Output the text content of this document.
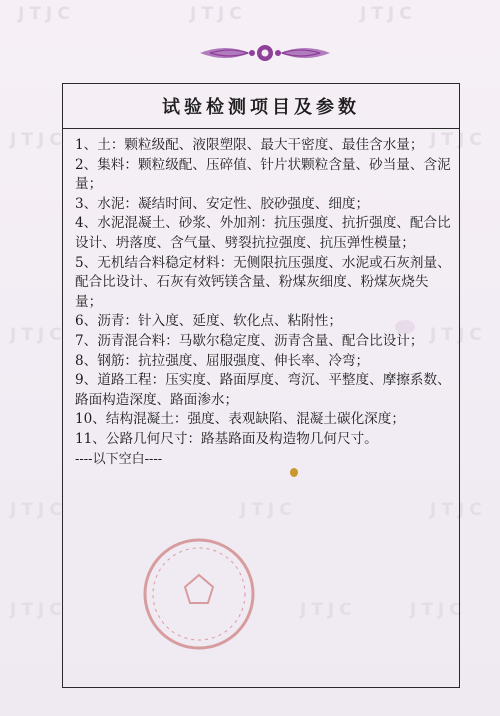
JTJC	JTJC	JTJC
JTJC	JTJC
JTJC	JTJC
JTJC	JTJC	JTJC
JTJC	JTJC	JTJC
试验检测项目及参数

1、土：颗粒级配、液限塑限、最大干密度、最佳含水量；

2、集料：颗粒级配、压碎值、针片状颗粒含量、砂当量、含泥量；

3、水泥：凝结时间、安定性、胶砂强度、细度；

4、水泥混凝土、砂浆、外加剂：抗压强度、抗折强度、配合比设计、坍落度、含气量、劈裂抗拉强度、抗压弹性模量；

5、无机结合料稳定材料：无侧限抗压强度、水泥或石灰剂量、配合比设计、石灰有效钙镁含量、粉煤灰细度、粉煤灰烧失量；

6、沥青：针入度、延度、软化点、粘附性；

7、沥青混合料：马歇尔稳定度、沥青含量、配合比设计；

8、钢筋：抗拉强度、屈服强度、伸长率、冷弯；

9、道路工程：压实度、路面厚度、弯沉、平整度、摩擦系数、路面构造深度、路面渗水；

10、结构混凝土：强度、表观缺陷、混凝土碳化深度；

11、公路几何尺寸：路基路面及构造物几何尺寸。

----以下空白----
